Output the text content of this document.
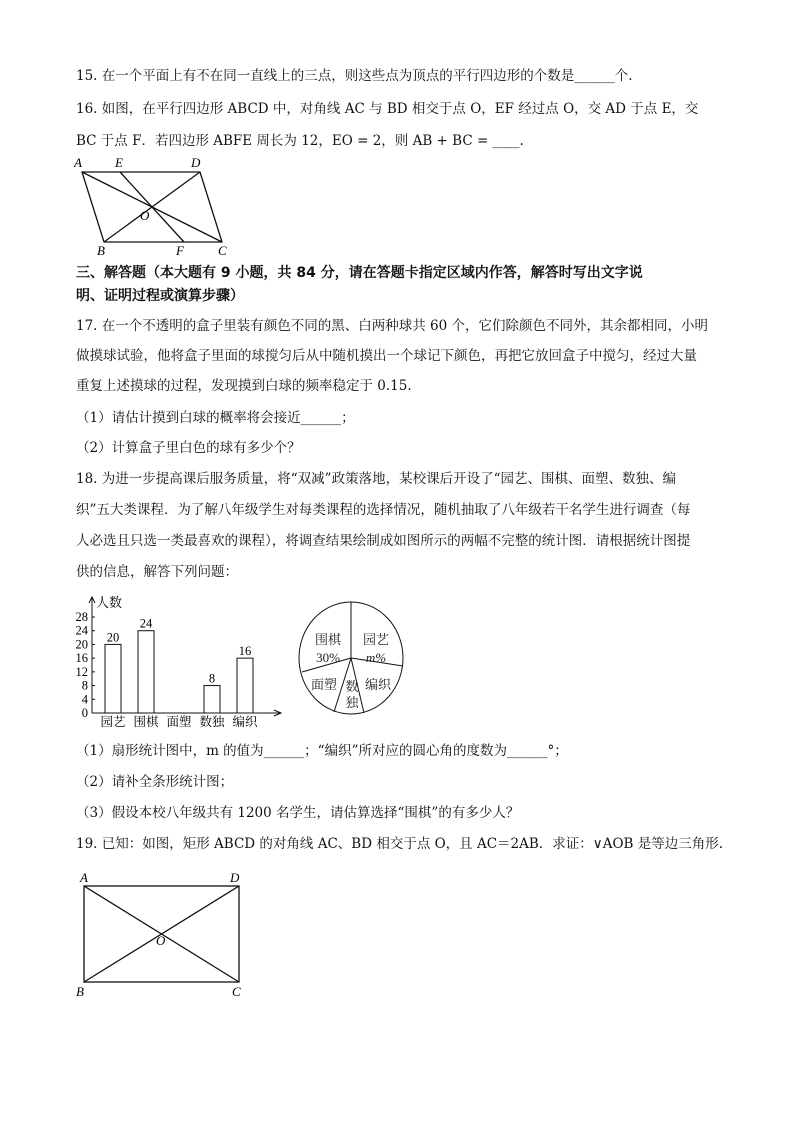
15. 在一个平面上有不在同一直线上的三点，则这些点为顶点的平行四边形的个数是______个.
16. 如图，在平行四边形 ABCD 中，对角线 AC 与 BD 相交于点 O，EF 经过点 O，交 AD 于点 E，交
BC 于点 F．若四边形 ABFE 周长为 12，EO = 2，则 AB + BC = ____.
A	E	D
O
B	F	C
三、解答题（本大题有 9 小题，共 84 分，请在答题卡指定区域内作答，解答时写出文字说
明、证明过程或演算步骤）
17. 在一个不透明的盒子里装有颜色不同的黑、白两种球共 60 个，它们除颜色不同外，其余都相同，小明
做摸球试验，他将盒子里面的球搅匀后从中随机摸出一个球记下颜色，再把它放回盒子中搅匀，经过大量
重复上述摸球的过程，发现摸到白球的频率稳定于 0.15.
（1）请估计摸到白球的概率将会接近______；
（2）计算盒子里白色的球有多少个？
18. 为进一步提高课后服务质量，将“双减”政策落地，某校课后开设了“园艺、围棋、面塑、数独、编
织”五大类课程．为了解八年级学生对每类课程的选择情况，随机抽取了八年级若干名学生进行调查（每
人必选且只选一类最喜欢的课程），将调查结果绘制成如图所示的两幅不完整的统计图．请根据统计图提
供的信息，解答下列问题：
人数
0
4
8
12
16
20
24
28
园艺
20
围棋
24
面塑 数独
8
编织
16
围棋
30%
园艺
m%
编织
数
独
面塑
（1）扇形统计图中，m 的值为______；“编织”所对应的圆心角的度数为______°；
（2）请补全条形统计图；
（3）假设本校八年级共有 1200 名学生，请估算选择“围棋”的有多少人？
19. 已知：如图，矩形 ABCD 的对角线 AC、BD 相交于点 O，且 AC＝2AB．求证：∨AOB 是等边三角形.
A	D
O
B	C
